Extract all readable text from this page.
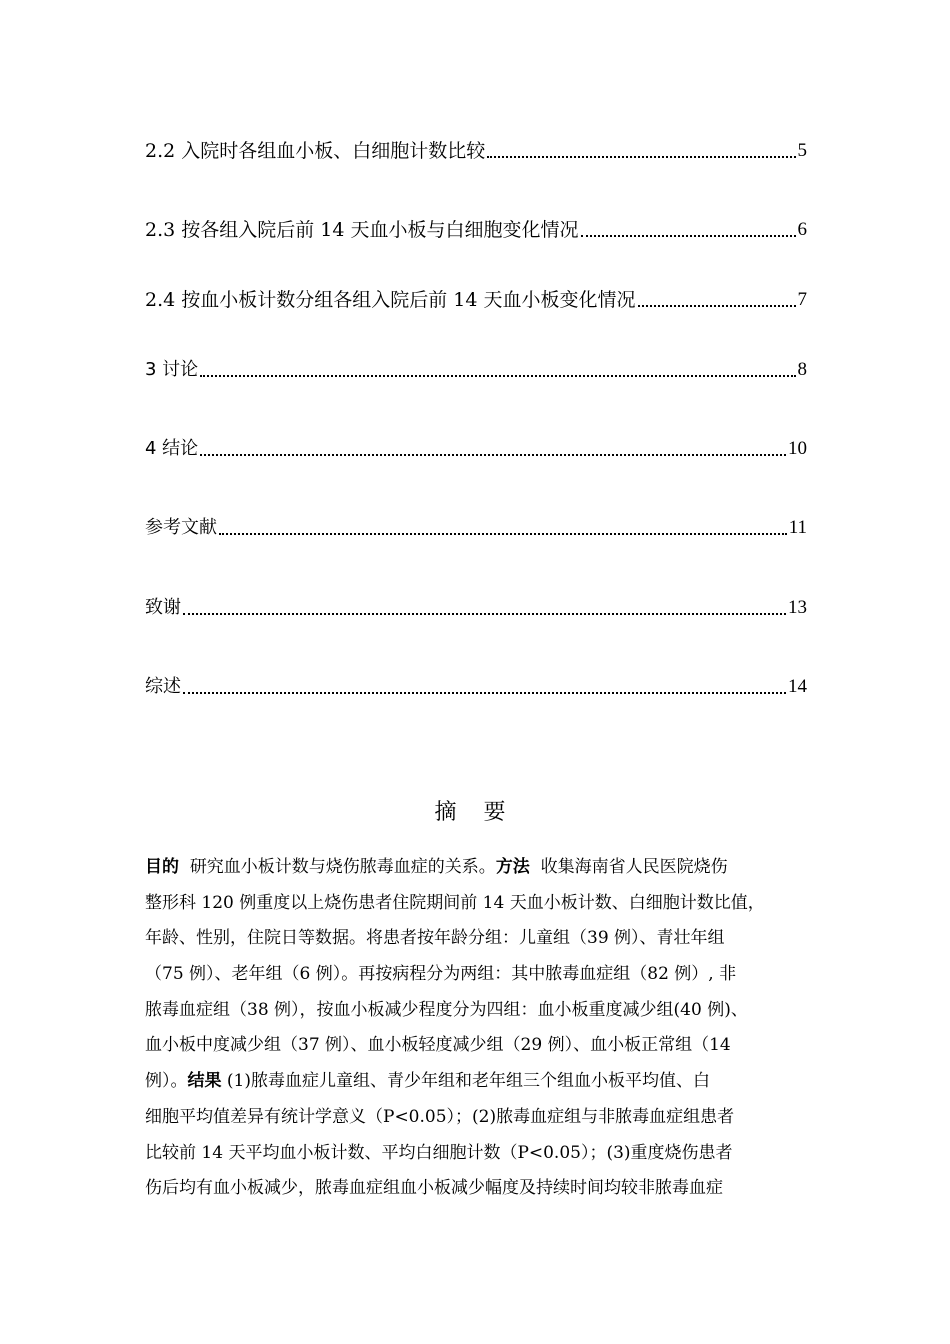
2.2 入院时各组血小板、白细胞计数比较	5
2.3 按各组入院后前 14 天血小板与白细胞变化情况	6
2.4 按血小板计数分组各组入院后前 14 天血小板变化情况	7
3 讨论	8
4 结论	10
参考文献	11
致谢	13
综述	14
摘 要
目的 研究血小板计数与烧伤脓毒血症的关系。方法 收集海南省人民医院烧伤
整形科 120 例重度以上烧伤患者住院期间前 14 天血小板计数、白细胞计数比值，
年龄、性别，住院日等数据。将患者按年龄分组：儿童组（39 例）、青壮年组
（75 例）、老年组（6 例）。再按病程分为两组：其中脓毒血症组（82 例）, 非
脓毒血症组（38 例），按血小板减少程度分为四组：血小板重度减少组(40 例)、
血小板中度减少组（37 例）、血小板轻度减少组（29 例）、血小板正常组（14
例）。结果 (1)脓毒血症儿童组、青少年组和老年组三个组血小板平均值、白
细胞平均值差异有统计学意义（P<0.05）；(2)脓毒血症组与非脓毒血症组患者
比较前 14 天平均血小板计数、平均白细胞计数（P<0.05）；(3)重度烧伤患者
伤后均有血小板减少，脓毒血症组血小板减少幅度及持续时间均较非脓毒血症
